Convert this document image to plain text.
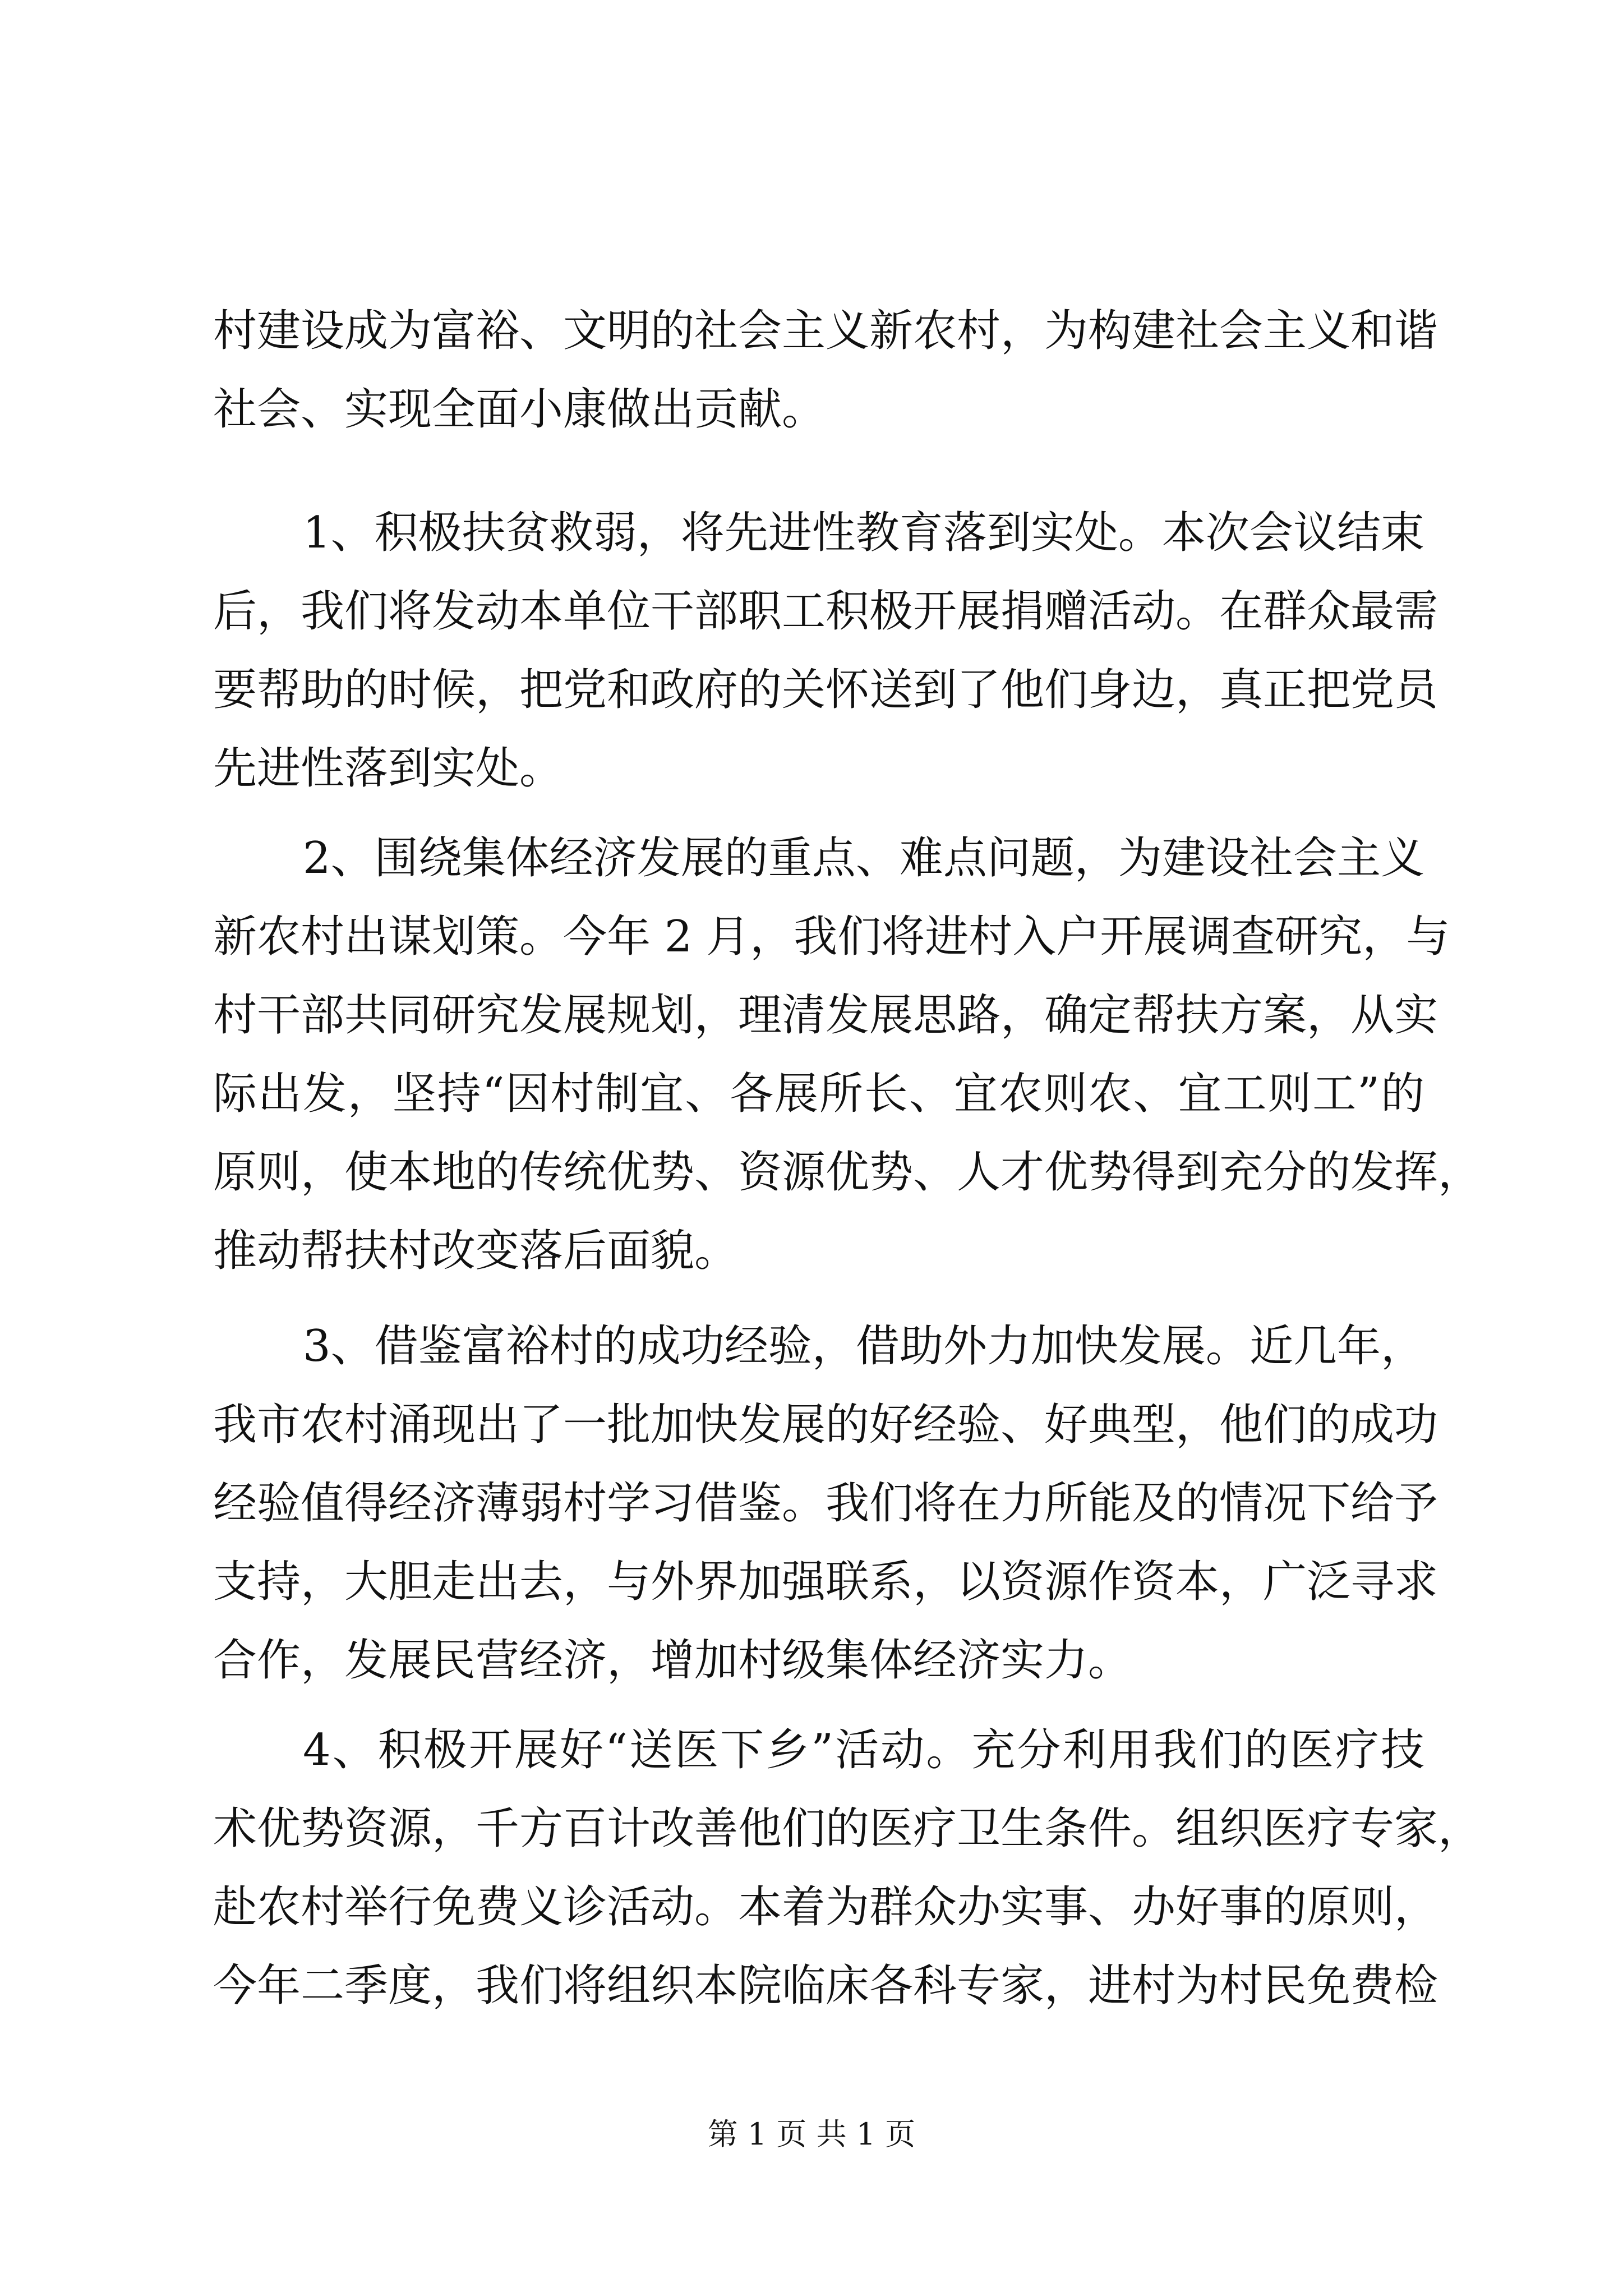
村建设成为富裕、文明的社会主义新农村，为构建社会主义和谐
社会、实现全面小康做出贡献。
1、积极扶贫救弱，将先进性教育落到实处。本次会议结束
后，我们将发动本单位干部职工积极开展捐赠活动。在群众最需
要帮助的时候，把党和政府的关怀送到了他们身边，真正把党员
先进性落到实处。
2、围绕集体经济发展的重点、难点问题，为建设社会主义
新农村出谋划策。今年 2 月，我们将进村入户开展调查研究，与
村干部共同研究发展规划，理清发展思路，确定帮扶方案，从实
际出发，坚持“因村制宜、各展所长、宜农则农、宜工则工”的
原则，使本地的传统优势、资源优势、人才优势得到充分的发挥，
推动帮扶村改变落后面貌。
3、借鉴富裕村的成功经验，借助外力加快发展。近几年，
我市农村涌现出了一批加快发展的好经验、好典型，他们的成功
经验值得经济薄弱村学习借鉴。我们将在力所能及的情况下给予
支持，大胆走出去，与外界加强联系，以资源作资本，广泛寻求
合作，发展民营经济，增加村级集体经济实力。
4、积极开展好“送医下乡”活动。充分利用我们的医疗技
术优势资源，千方百计改善他们的医疗卫生条件。组织医疗专家，
赴农村举行免费义诊活动。本着为群众办实事、办好事的原则，
今年二季度，我们将组织本院临床各科专家，进村为村民免费检
第 1 页 共 1 页
